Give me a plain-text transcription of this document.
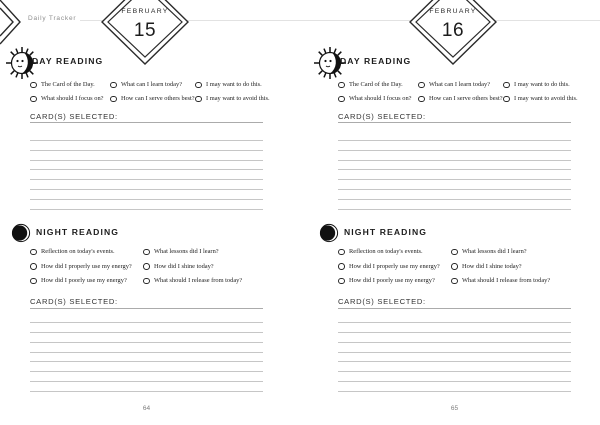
Daily Tracker
FEBRUARY
15
DAY READING
The Card of the Day.
What should I focus on?
What can I learn today?
How can I serve others best?
I may want to do this.
I may want to avoid this.
CARD(S) SELECTED:
NIGHT READING
Reflection on today's events.
How did I properly use my energy?
How did I poorly use my energy?
What lessons did I learn?
How did I shine today?
What should I release from today?
CARD(S) SELECTED:
64
FEBRUARY
16
DAY READING
The Card of the Day.
What should I focus on?
What can I learn today?
How can I serve others best?
I may want to do this.
I may want to avoid this.
CARD(S) SELECTED:
NIGHT READING
Reflection on today's events.
How did I properly use my energy?
How did I poorly use my energy?
What lessons did I learn?
How did I shine today?
What should I release from today?
CARD(S) SELECTED:
65
